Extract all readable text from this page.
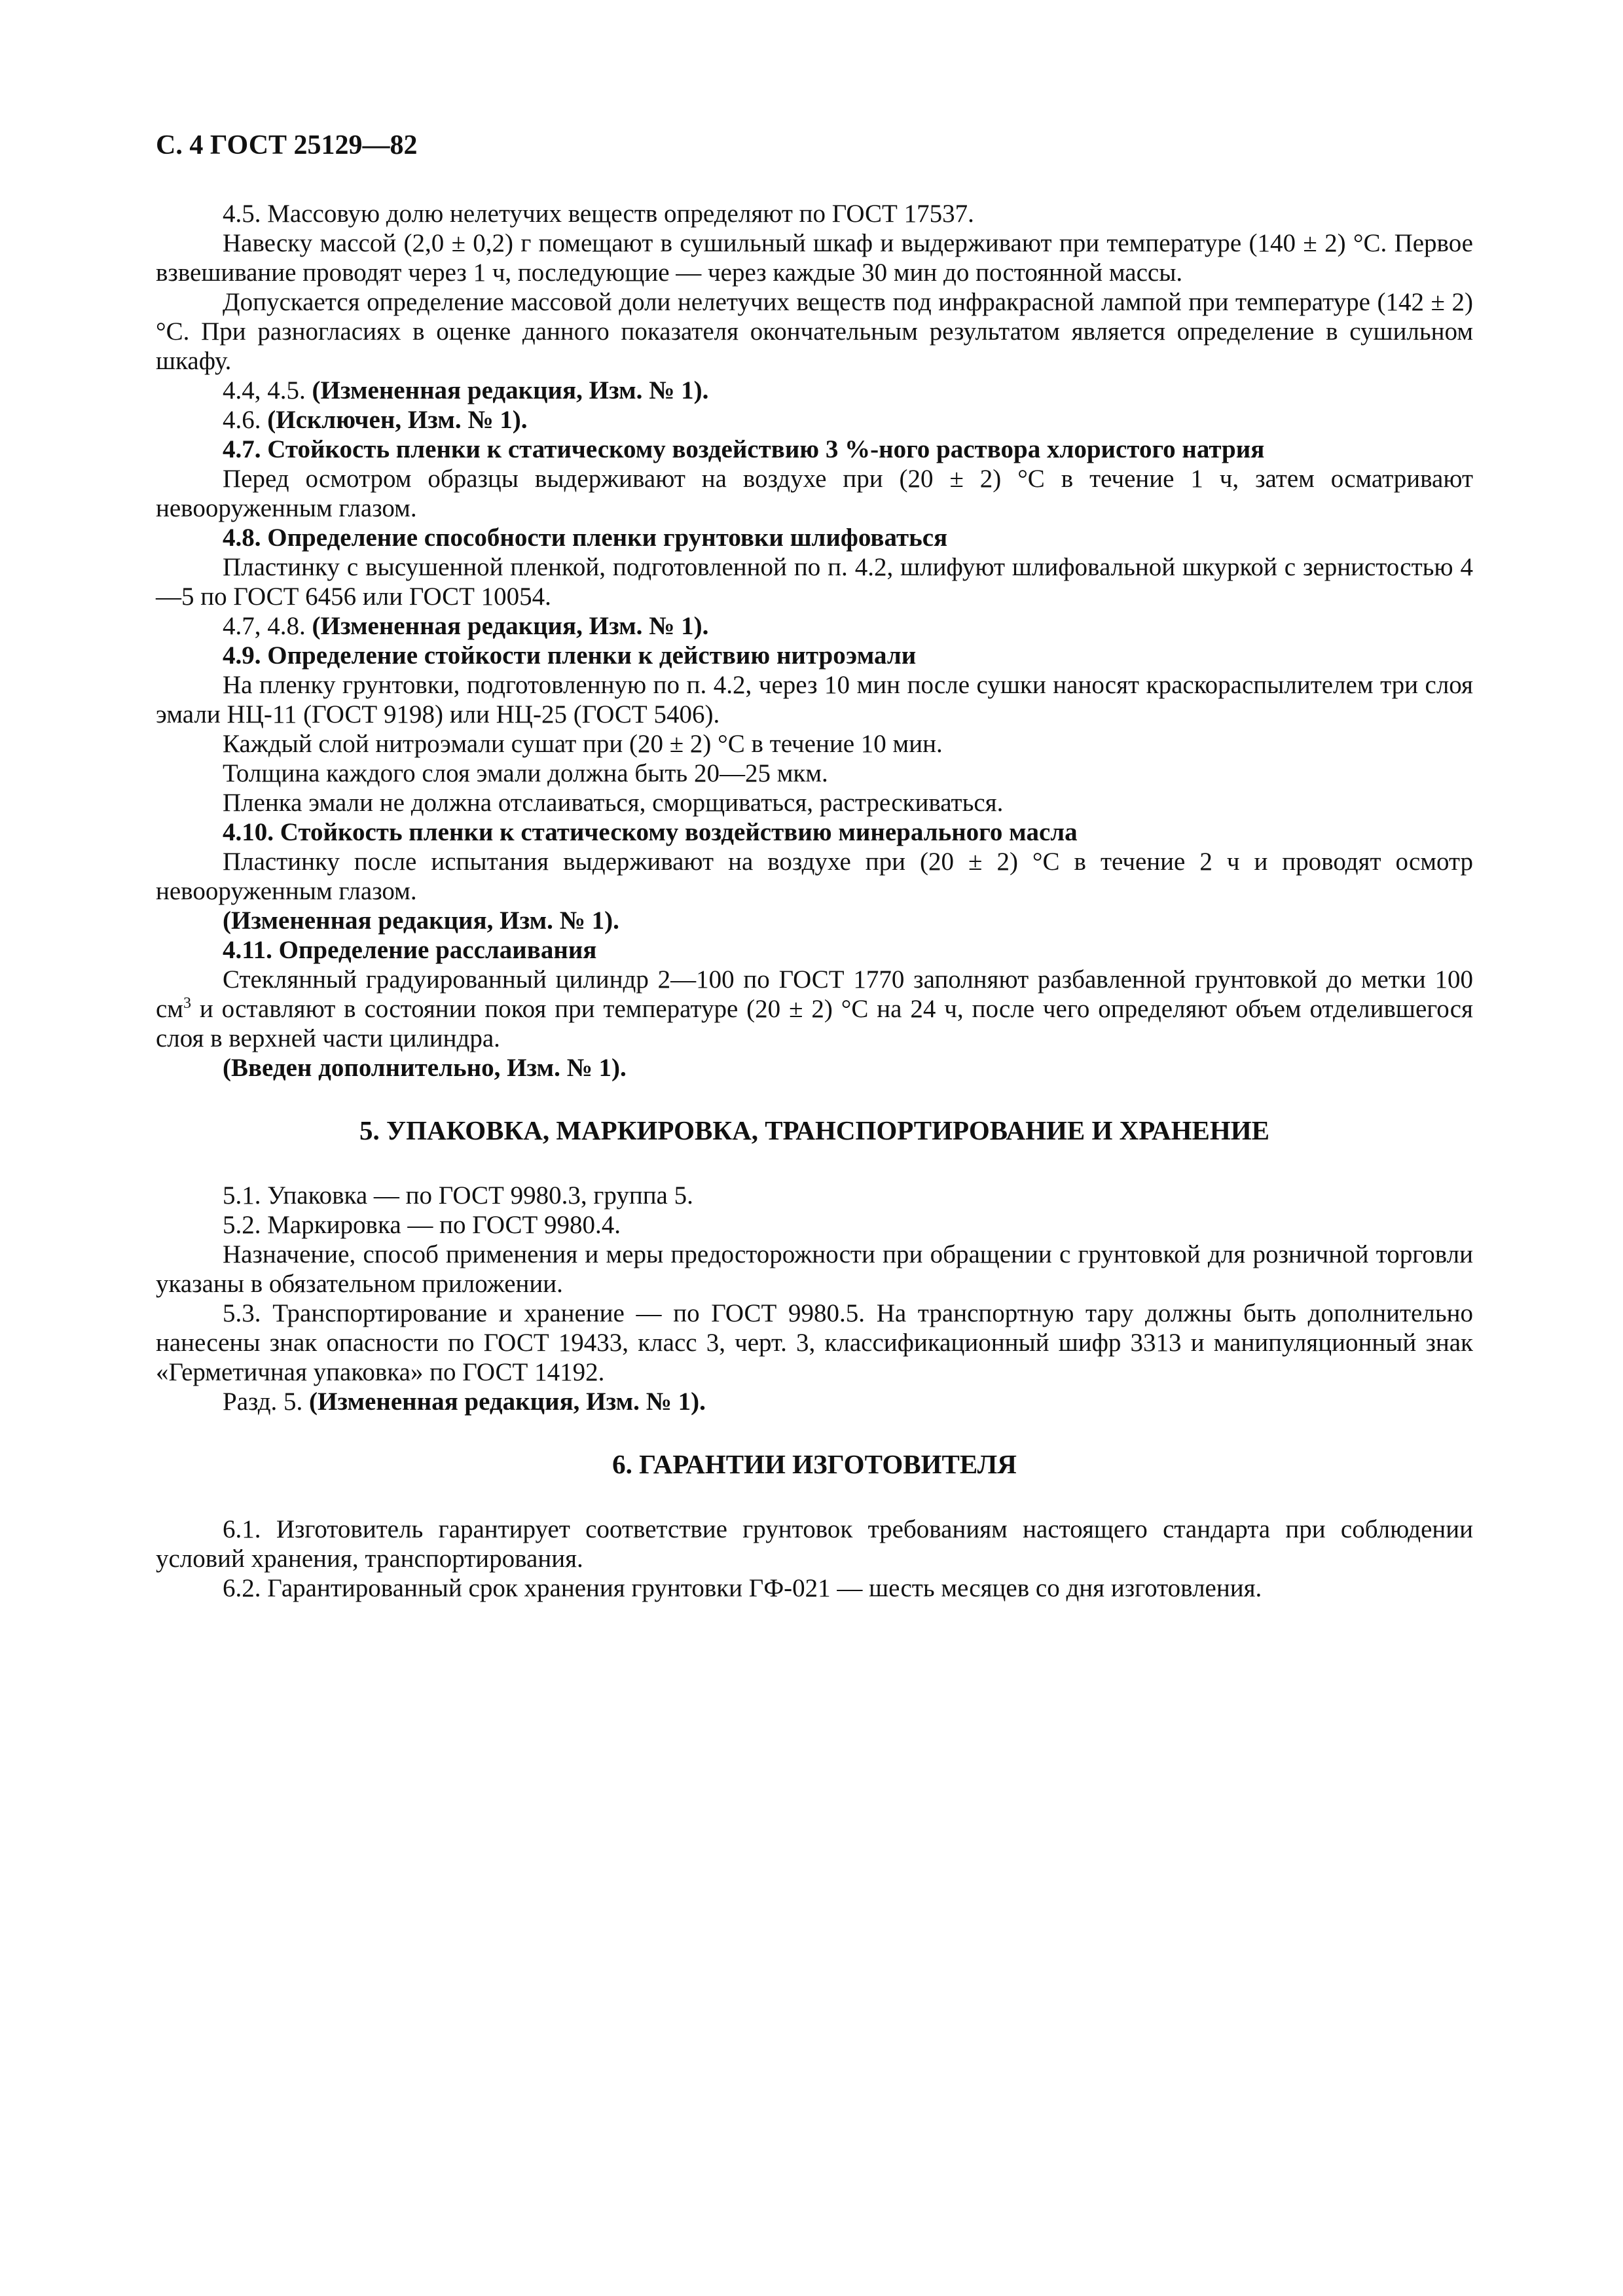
С. 4 ГОСТ 25129—82

4.5. Массовую долю нелетучих веществ определяют по ГОСТ 17537.

Навеску массой (2,0 ± 0,2) г помещают в сушильный шкаф и выдерживают при температуре (140 ± 2) °С. Первое взвешивание проводят через 1 ч, последующие — через каждые 30 мин до постоянной массы.

Допускается определение массовой доли нелетучих веществ под инфракрасной лампой при температуре (142 ± 2) °С. При разногласиях в оценке данного показателя окончательным результатом является определение в сушильном шкафу.

4.4, 4.5. (Измененная редакция, Изм. № 1).

4.6. (Исключен, Изм. № 1).

4.7. Стойкость пленки к статическому воздействию 3 %-ного раствора хлористого натрия

Перед осмотром образцы выдерживают на воздухе при (20 ± 2) °С в течение 1 ч, затем осматривают невооруженным глазом.

4.8. Определение способности пленки грунтовки шлифоваться

Пластинку с высушенной пленкой, подготовленной по п. 4.2, шлифуют шлифовальной шкуркой с зернистостью 4—5 по ГОСТ 6456 или ГОСТ 10054.

4.7, 4.8. (Измененная редакция, Изм. № 1).

4.9. Определение стойкости пленки к действию нитроэмали

На пленку грунтовки, подготовленную по п. 4.2, через 10 мин после сушки наносят краскораспылителем три слоя эмали НЦ-11 (ГОСТ 9198) или НЦ-25 (ГОСТ 5406).

Каждый слой нитроэмали сушат при (20 ± 2) °С в течение 10 мин.

Толщина каждого слоя эмали должна быть 20—25 мкм.

Пленка эмали не должна отслаиваться, сморщиваться, растрескиваться.

4.10. Стойкость пленки к статическому воздействию минерального масла

Пластинку после испытания выдерживают на воздухе при (20 ± 2) °С в течение 2 ч и проводят осмотр невооруженным глазом.

(Измененная редакция, Изм. № 1).

4.11. Определение расслаивания

Стеклянный градуированный цилиндр 2—100 по ГОСТ 1770 заполняют разбавленной грунтовкой до метки 100 $см^3$ и оставляют в состоянии покоя при температуре (20 ± 2) °С на 24 ч, после чего определяют объем отделившегося слоя в верхней части цилиндра.

(Введен дополнительно, Изм. № 1).

5. УПАКОВКА, МАРКИРОВКА, ТРАНСПОРТИРОВАНИЕ И ХРАНЕНИЕ

5.1. Упаковка — по ГОСТ 9980.3, группа 5.

5.2. Маркировка — по ГОСТ 9980.4.

Назначение, способ применения и меры предосторожности при обращении с грунтовкой для розничной торговли указаны в обязательном приложении.

5.3. Транспортирование и хранение — по ГОСТ 9980.5. На транспортную тару должны быть дополнительно нанесены знак опасности по ГОСТ 19433, класс 3, черт. 3, классификационный шифр 3313 и манипуляционный знак «Герметичная упаковка» по ГОСТ 14192.

Разд. 5. (Измененная редакция, Изм. № 1).

6. ГАРАНТИИ ИЗГОТОВИТЕЛЯ

6.1. Изготовитель гарантирует соответствие грунтовок требованиям настоящего стандарта при соблюдении условий хранения, транспортирования.

6.2. Гарантированный срок хранения грунтовки ГФ-021 — шесть месяцев со дня изготовления.
